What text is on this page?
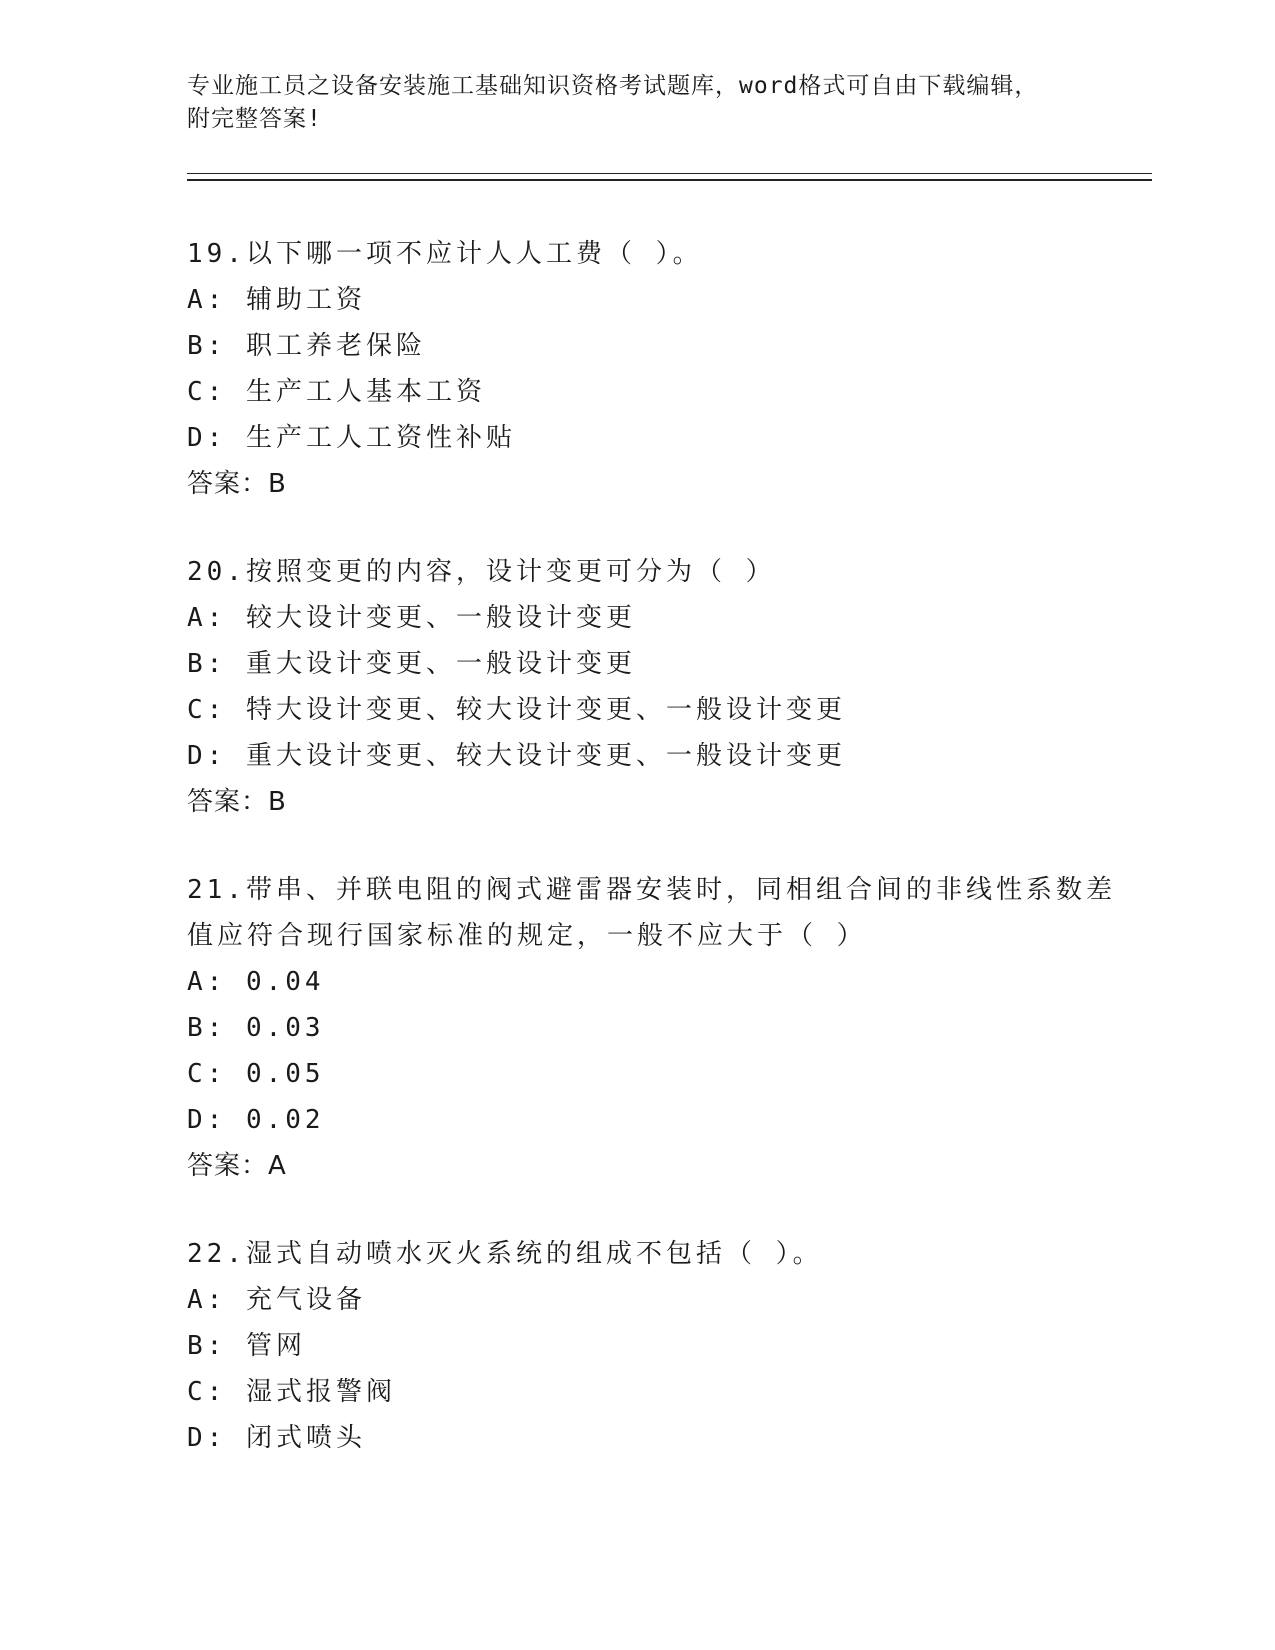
专业施工员之设备安装施工基础知识资格考试题库，word格式可自由下载编辑，
附完整答案!
19.以下哪一项不应计人人工费（ ）。
A: 辅助工资
B: 职工养老保险
C: 生产工人基本工资
D: 生产工人工资性补贴
答案：B
20.按照变更的内容，设计变更可分为（ ）
A: 较大设计变更、一般设计变更
B: 重大设计变更、一般设计变更
C: 特大设计变更、较大设计变更、一般设计变更
D: 重大设计变更、较大设计变更、一般设计变更
答案：B
21.带串、并联电阻的阀式避雷器安装时，同相组合间的非线性系数差
值应符合现行国家标准的规定，一般不应大于（ ）
A: 0.04
B: 0.03
C: 0.05
D: 0.02
答案：A
22.湿式自动喷水灭火系统的组成不包括（ ）。
A: 充气设备
B: 管网
C: 湿式报警阀
D: 闭式喷头
